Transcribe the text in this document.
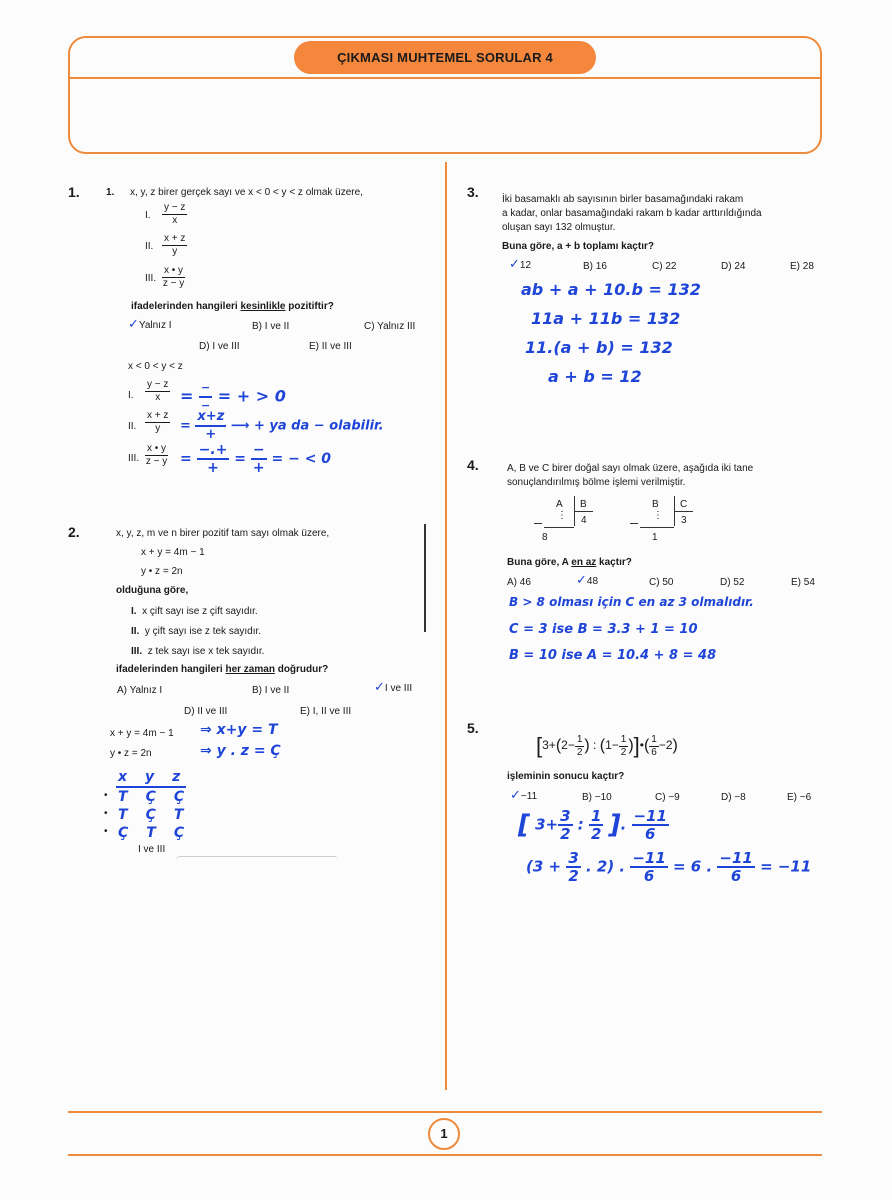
ÇIKMASI MUHTEMEL SORULAR 4
1.	1. x, y, z birer gerçek sayı ve x < 0 < y < z olmak üzere,
I. $\frac{y - z}{x}$
II. $\frac{x + z}{y}$
III. $\frac{x • y}{z - y}$
ifadelerinden hangileri kesinlikle pozitiftir?
✓Yalnız I	B) I ve II	C) Yalnız III
D) I ve III	E) II ve III
x < 0 < y < z
I. $\frac{y - z}{x}$ = −
− = + > 0
II. $\frac{x + z}{y}$ =
x+z
+
⟶ + ya da − olabilir.
III. $\frac{x • y}{z - y}$ =
−.+
+
=
−
+
= − < 0
2.	x, y, z, m ve n birer pozitif tam sayı olmak üzere,
x + y = 4m − 1
y • z = 2n
olduğuna göre,
I. x çift sayı ise z çift sayıdır.
II. y çift sayı ise z tek sayıdır.
III. z tek sayı ise x tek sayıdır.
ifadelerinden hangileri her zaman doğrudur?
A) Yalnız I	B) I ve II	✓I ve III
D) II ve III	E) I, II ve III
x + y = 4m − 1 ⇒ x+y = T
y • z = 2n	⇒ y . z = Ç
x y z
T Ç Ç
T Ç T
Ç T Ç
•
•
•
I ve III
3. İki basamaklı ab sayısının birler basamağındaki rakam
a kadar, onlar basamağındaki rakam b kadar arttırıldığında
oluşan sayı 132 olmuştur.
Buna göre, a + b toplamı kaçtır?
✓12	B) 16	C) 22	D) 24	E) 28
ab + a + 10.b = 132
11a + 11b = 132
11.(a + b) = 132
a + b = 12
4.	A, B ve C birer doğal sayı olmak üzere, aşağıda iki tane
sonuçlandırılmış bölme işlemi verilmiştir.
A
⋮
B
4
8
B
⋮
C
3
1
Buna göre, A en az kaçtır?
A) 46	✓48	C) 50	D) 52	E) 54
B > 8 olması için C en az 3 olmalıdır.
C = 3 ise B = 3.3 + 1 = 10
B = 10 ise A = 10.4 + 8 = 48
5.
[$3+(2- \frac{1}{2}$ ) : ($1- \frac{1}{2}$ )]•( $\frac{1}{6} -2$)
işleminin sonucu kaçtır?
✓−11	B) −10	C) −9	D) −8	E) −6
[ $3+ \frac{3}{2}$ : $\frac{1}{2}$ ]. $\frac{-11}{6}$
($3 + \frac{3}{2}$ . 2) . $\frac{-11}{6} = 6$ . $\frac{-11}{6} = -11$
1
